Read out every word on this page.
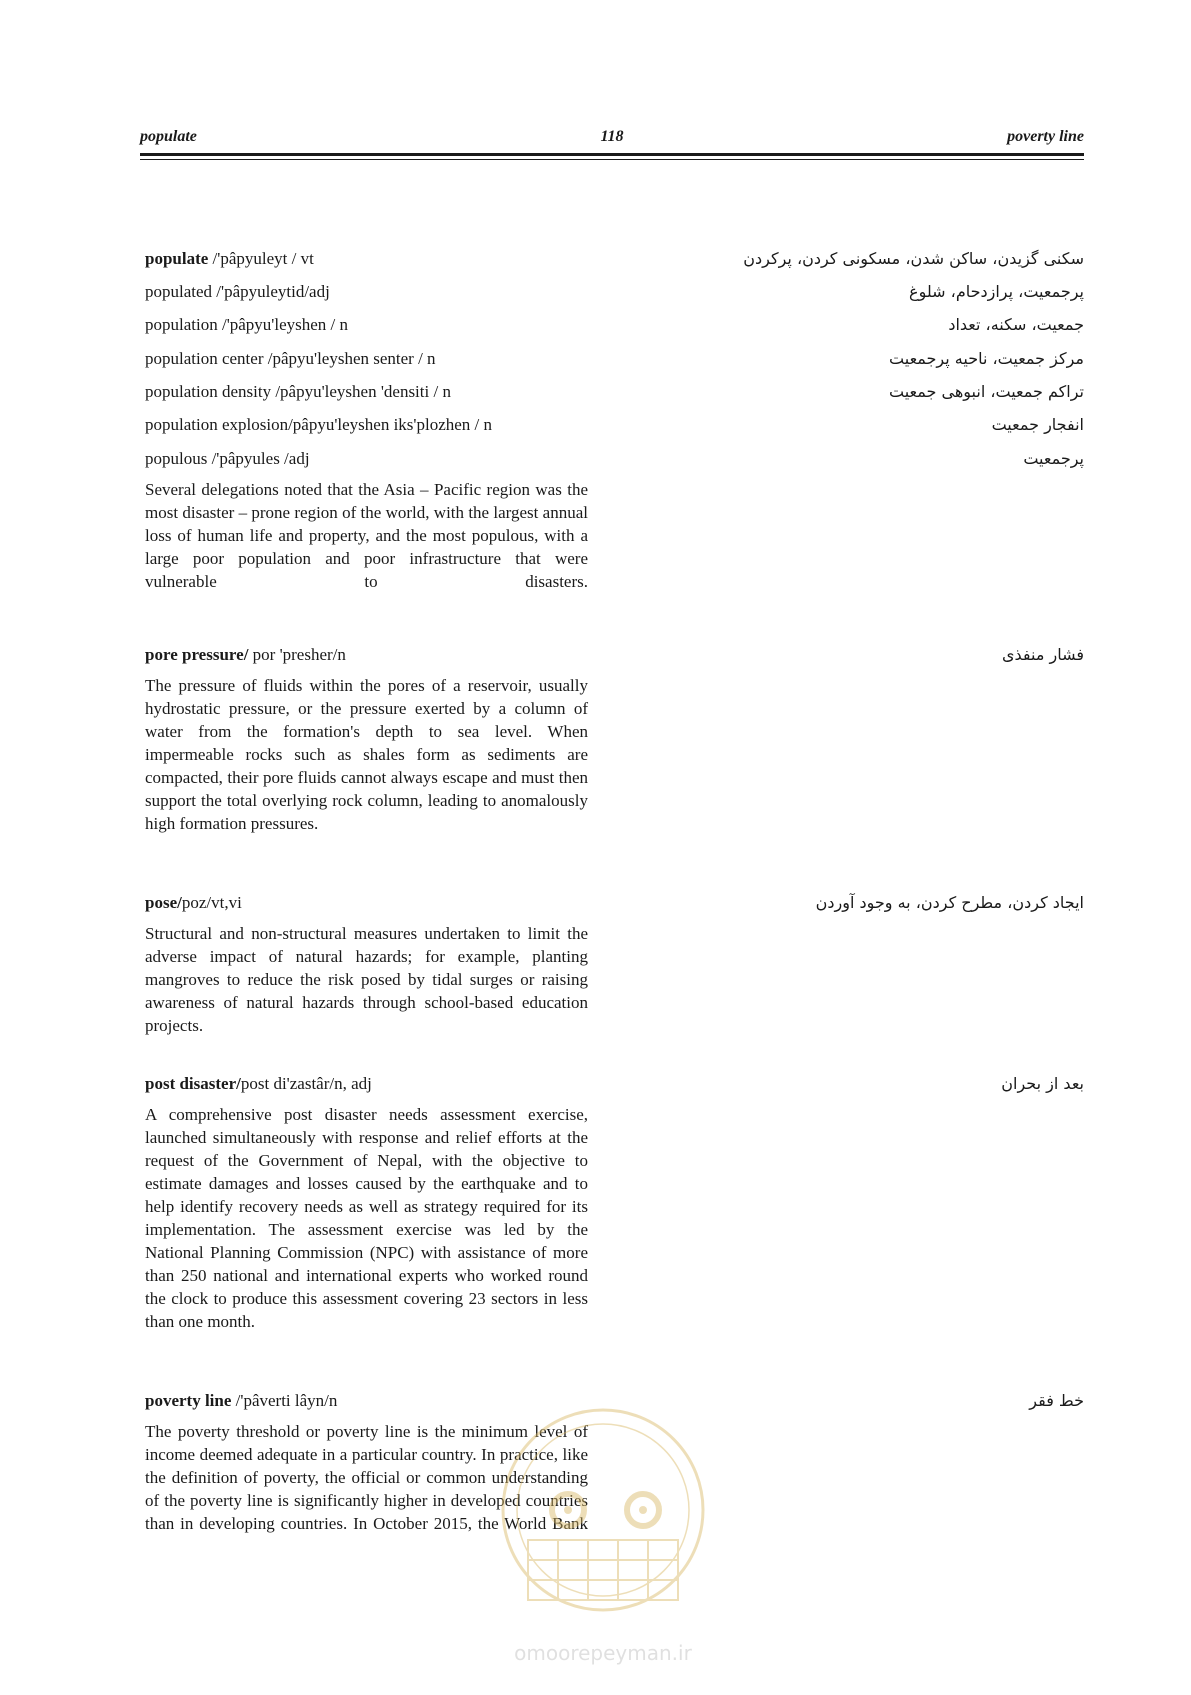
populate	118	poverty line
populate /'pâpyuleyt / vt	سکنی گزیدن، ساکن شدن، مسکونی کردن، پرکردن
populated /'pâpyuleytid/adj	پرجمعیت، پرازدحام، شلوغ
population /'pâpyu'leyshen / n	جمعیت، سکنه، تعداد
population center /pâpyu'leyshen senter / n	مرکز جمعیت، ناحیه پرجمعیت
population density /pâpyu'leyshen 'densiti / n	تراکم جمعیت، انبوهی جمعیت
population explosion/pâpyu'leyshen iks'plozhen / n	انفجار جمعیت
populous /'pâpyules /adj	پرجمعیت
Several delegations noted that the Asia – Pacific region was the most disaster – prone region of the world, with the largest annual loss of human life and property, and the most populous, with a large poor population and poor infrastructure that were vulnerable to disasters.
pore pressure/ por 'presher/n	فشار منفذی
The pressure of fluids within the pores of a reservoir, usually hydrostatic pressure, or the pressure exerted by a column of water from the formation's depth to sea level. When impermeable rocks such as shales form as sediments are compacted, their pore fluids cannot always escape and must then support the total overlying rock column, leading to anomalously high formation pressures.
pose/poz/vt,vi	ایجاد کردن، مطرح کردن، به وجود آوردن
Structural and non-structural measures undertaken to limit the adverse impact of natural hazards; for example, planting mangroves to reduce the risk posed by tidal surges or raising awareness of natural hazards through school-based education projects.
post disaster/post di'zastâr/n, adj	بعد از بحران
A comprehensive post disaster needs assessment exercise, launched simultaneously with response and relief efforts at the request of the Government of Nepal, with the objective to estimate damages and losses caused by the earthquake and to help identify recovery needs as well as strategy required for its implementation. The assessment exercise was led by the National Planning Commission (NPC) with assistance of more than 250 national and international experts who worked round the clock to produce this assessment covering 23 sectors in less than one month.
poverty line /'pâverti lâyn/n	خط فقر
The poverty threshold or poverty line is the minimum level of income deemed adequate in a particular country. In practice, like the definition of poverty, the official or common understanding of the poverty line is significantly higher in developed countries than in developing countries. In October 2015, the World Bank
omoorepeyman.ir
